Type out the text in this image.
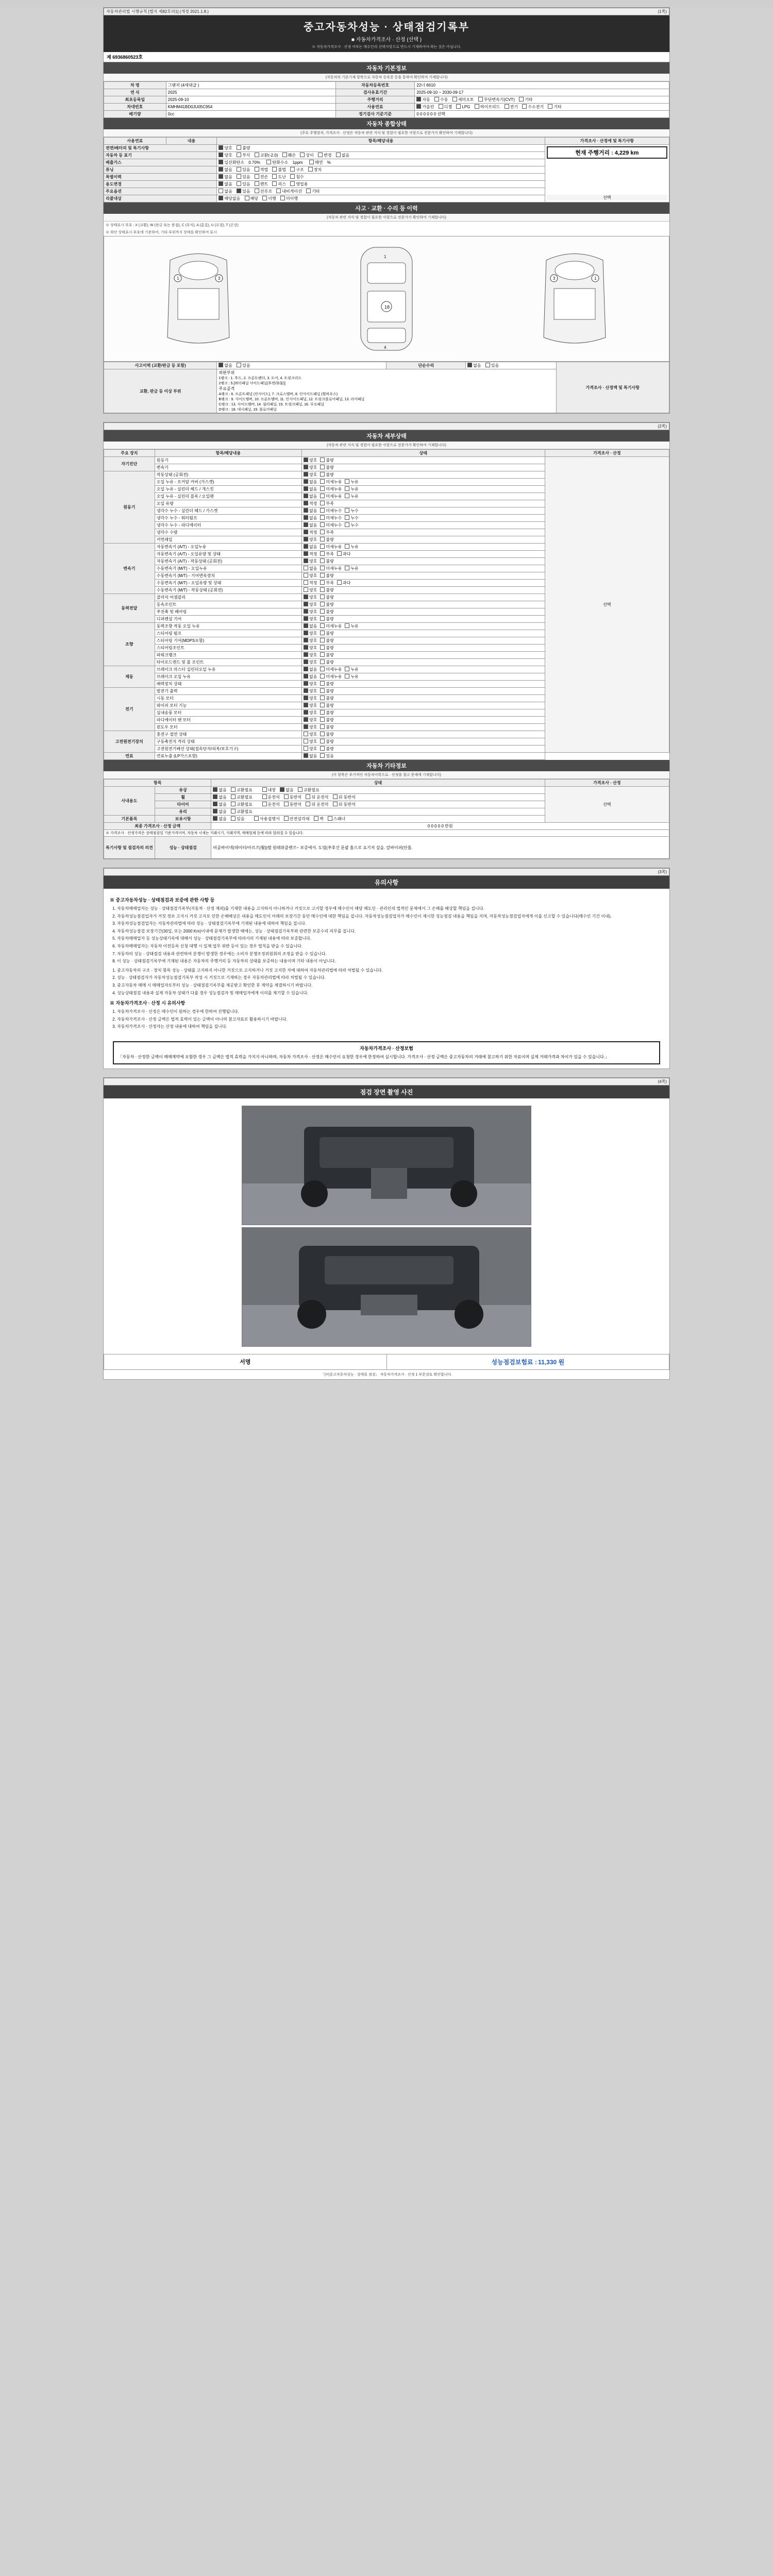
자동차관리법 시행규칙 [별지 제82호의1] (개정 2021.1.8.)	(1쪽)
중고자동차성능 · 상태점검기록부
■ 자동차가격조사 · 산정 (선택 )
※ 자동차가격조사 · 산정 여부는 매수인의 선택사항으로 반드시 기재하여야 하는 것은 아닙니다.
제 6936860523호
자동차 기본정보
(자동차의 기본기재 항목으로 자동차 등록증 등을 통하여 확인하여 기재합니다)
차 명	그랜저 (4세대급 )	자동차등록번호	22너 6610
연 식	2025	검사유효기간	2025-09-10 ~ 2030-09-17
최초등록일	2025-09-10	주행거리	자동 수동 세미오토 무단변속기(CVT) 기타
차대번호	KMHM41BD0JU05C954	사용연료	가솔린 디젤 LPG 하이브리드 전기 수소전기 기타
배기량	0cc	정기검사 기준기준	0 0 0 0 0 0 선택
자동차 종합상태
(주요 주행장치, 가격조사 · 산정은 자동차 관련 지식 및 경험이 필요한 사항으로 전문가가 확인하여 기재합니다)
사용연료	내용	항목/해당내용	가격조사 · 산정에 및 특기사항
전면/배터리 및 특기사항		양호 불량	현재 주행거리 : 4,229 km
선택

자동차 등 표기		양호 부식 교환(-2.0) 훼손 상이 변경 없음	
배출가스		일산화탄소 0.70% 탄화수소 1ppm 매연 %	
튜닝		없음 있음 적법 불법 구조 장치	
특별이력		없음 있음 전손 도난 침수	
용도변경		없음 있음 렌트 리스 영업용	
주요옵션		없음 있음 선루프 내비게이션 기타	
리콜대상		해당없음 해당 이행 미이행	
사고 · 교환 · 수리 등 이력
(자동차 관련 지식 및 경험이 필요한 사항으로 전문가가 확인하여 기재합니다)
※ 상태표시 부호 : X (교환), W (판금 또는 용접), C (부식), A (흠집), U (요철), T (손상)
※ 하단 상태표시 부호에 기준하여, 기타 부위까지 상태를 확인하여 표시
1	3
18
1
4
3	1
사고이력 (교환/판금 등 포함)	없음 있음	단순수리	없음 있음	가격조사 · 산정액 및 특기사항
교환, 판금 등 이상 부위	
외판부위
1랭크 : 1. 후드, 2. 프론트팬더, 3. 도어, 4. 트렁크리드
2랭크 : 5.[쿼터패널 사이드패널(후면/화물)]
주요골격
A랭크 : 6. 프론트패널 (인사이드), 7. 크로스멤버, 8. 인사이드패널 (휠하우스)
B랭크 : 9. 사이드멤버, 10. 프론트멤버, 11. 인사이드패널, 12. 트렁크플로어패널, 13. 리어패널
C랭크 : 13. 사이드멤버, 14. 필러패널, 15. 트렁크패널, 16. 루프패널
D랭크 : 18. 대시패널, 19. 플로어패널
(2쪽)
자동차 세부상태
(자동차 관련 지식 및 경험이 필요한 사항으로 전문가가 확인하여 기재합니다)
주요 장치	항목/해당내용	상태	가격조사 · 산정
자기진단	원동기	양호 불량	선택
	변속기	양호 불량	
원동기	작동상태 (공회전)	양호 불량	
	오일 누유 - 로커암 커버 (가스켓)	없음 미세누유 누유	
	오일 누유 - 실린더 헤드 / 개스킷	없음 미세누유 누유	
	오일 누유 - 실린더 블록 / 오일팬	없음 미세누유 누유	
	오일 유량	적정 부족	
	냉각수 누수 - 실린더 헤드 / 가스켓	없음 미세누수 누수	
	냉각수 누수 - 워터펌프	없음 미세누수 누수	
	냉각수 누수 - 라디에이터	없음 미세누수 누수	
	냉각수 수량	적정 부족	
	커먼레일	양호 불량	
변속기	자동변속기 (A/T) - 오일누유	없음 미세누유 누유	
	자동변속기 (A/T) - 오일유량 및 상태	적정 부족 과다	
	자동변속기 (A/T) - 작동상태 (공회전)	양호 불량	
	수동변속기 (M/T) - 오일누유	없음 미세누유 누유	
	수동변속기 (M/T) - 기어변속장치	양호 불량	
	수동변속기 (M/T) - 오일유량 및 상태	적정 부족 과다	
	수동변속기 (M/T) - 작동상태 (공회전)	양호 불량	
동력전달	클러치 어셈블리	양호 불량	
	등속조인트	양호 불량	
	추진축 및 베어링	양호 불량	
	디퍼렌셜 기어	양호 불량	
조향	동력조향 작동 오일 누유	없음 미세누유 누유	
	스티어링 펌프	양호 불량	
	스티어링 기어(MDPS포함)	양호 불량	
	스티어링조인트	양호 불량	
	파워크랭크	양호 불량	
	타이로드엔드 및 볼 조인트	양호 불량	
제동	브레이크 마스터 실린더오일 누유	없음 미세누유 누유	
	브레이크 오일 누유	없음 미세누유 누유	
	배력장치 상태	양호 불량	
전기	발전기 출력	양호 불량	
	시동 모터	양호 불량	
	와이퍼 모터 기능	양호 불량	
	실내송풍 모터	양호 불량	
	라디에이터 팬 모터	양호 불량	
	윈도우 모터	양호 불량	
고전원전기장치	충전구 절연 상태	양호 불량	
	구동축전지 격리 상태	양호 불량	
	고전원전기배선 상태(접속단자/피복/보호기구)	양호 불량	
연료	연료누출 (LP가스포함)	없음 있음	
자동차 기타정보
(이 항목은 부가적인 자동차이력으로 · 산정을 참고 문제에 기재합니다)
항목		상태	가격조사 · 산정
사내용도	유상	없음 교환필요 내장 없음 교환필요	선택
	휠	없음 교환필요 운전석 동반석 뒤 운전석 뒤 동반석	
	타이어	없음 교환필요 운전석 동반석 뒤 운전석 뒤 동반석	
	유리	없음 교환필요	
기본품목	보유시항	없음 있음 사용설명서 안전삼각대 잭 스패너	
최종 가격조사 · 산정 금액		0 0 0 0 0 만원	
※ 가격조사 · 산정가격은 상태점검일 기준가격이며, 자동차 시세는 거래시기, 거래지역, 매매업체 등에 따라 달라질 수 있습니다.			
특기사항 및 점검자의 의견	성능 · 상태점검	비골바이넥(데이터/아르즈(휠))별 원래위클렌즈~ 보증에서. 도엄(추후건 문괄 흡으로 요기저 삽을. 앞바이퍼(안흡.	
(3쪽)
유의사항
※ 중고자동차성능 · 상태점검과 보증에 관한 사항 등
1. 자동차매매업자는 성능 · 상태점검기록부(자동차 · 산정 제외)를 기재한 내용을 고지하지 아니하거나 거짓으로 고지할 경우에 매수인이 해당 매도인 · 관리인의 법적인 문제에서 그 손해를 배상할 책임을 집니다.
2. 자동차성능점검업자가 거짓 정보 고지시 거짓 고지로 인한 손해배상은 내용을 매도인이 아래의 보장기간 동안 매수인에 대한 책임을 집니다. 자동차성능점검업자가 매수인이 제시한 성능점검 내용을 책임을 지며, 자동차성능점검업자에게 이를 신고할 수 있습니다(매수인 기간 이내).
3. 자동차성능점검업자는 자동차관리법에 따라 성능 · 상태점검기록부에 기재된 내용에 대하여 책임을 집니다.
4. 자동차성능점검 보장기간(30일, 또는 2000 Km)이내에 문제가 발생한 때에는, 성능 · 상태점검기록부와 관련한 보증수리 의무를 집니다.
5. 자동차매매업자 등 성능상태기록에 대해서 성능 · 상태점검기록부에 따라서의 기재된 내용에 따라 보증합니다.
6. 자동차매매업자는 자동차 이전등록 신청 대행 시 일체 업무 위반 등이 있는 경우 벌칙을 받을 수 있습니다.
7. 자동차의 성능 · 상태점검 내용과 관련하여 분쟁이 발생한 경우에는 소비자 분쟁조정위원회의 조정을 받을 수 있습니다.
8. 이 성능 · 상태점검기록부에 기재된 내용은 자동차의 주행거리 등 자동차의 상태를 보증하는 내용이며 기타 내용이 아닙니다.
1. 중고자동차의 구조 · 장치 항목 성능 · 상태를 고지하지 아니한 거짓으로 고지하거나 거짓 고지한 자에 대하여 자동차관리법에 따라 처벌될 수 있습니다.
2. 성능 · 상태점검자가 자동차성능점검기록부 작성 시 거짓으로 기재하는 경우 자동차관리법에 따라 처벌될 수 있습니다.
3. 중고자동차 매매 시 매매업자로부터 성능 · 상태점검기록부를 제공받고 확인한 후 계약을 체결하시기 바랍니다.
4. 성능상태점검 내용과 실제 자동차 상태가 다를 경우 성능점검자 및 매매업자에게 이의를 제기할 수 있습니다.
※ 자동차가격조사 · 산정 시 유의사항
1. 자동차가격조사 · 산정은 매수인이 원하는 경우에 한하여 진행됩니다.
2. 자동차가격조사 · 산정 금액은 법적 효력이 있는 금액이 아니며 참고자료로 활용하시기 바랍니다.
3. 자동차가격조사 · 산정자는 산정 내용에 대하여 책임을 집니다.
자동차가격조사 · 산정보험
「자동차 · 산정한 금액이 매매계약에 포함한 경우 그 금액은 법적 효력을 가지지 아니하며, 자동차 가격조사 · 산정은 매수인이 요청한 경우에 한정하여 실시합니다. 가격조사 · 산정 금액은 중고자동차의 거래에 참고하기 위한 자료이며 실제 거래가격과 차이가 있을 수 있습니다.」
(4쪽)
점검 장면 촬영 사진
서명	성능점검보험료 : 11,330 원
「(Y)중고자동차성능 · 상태를 점검」 자동차가격조사 · 산정 1 부문검토 확인합니다.
